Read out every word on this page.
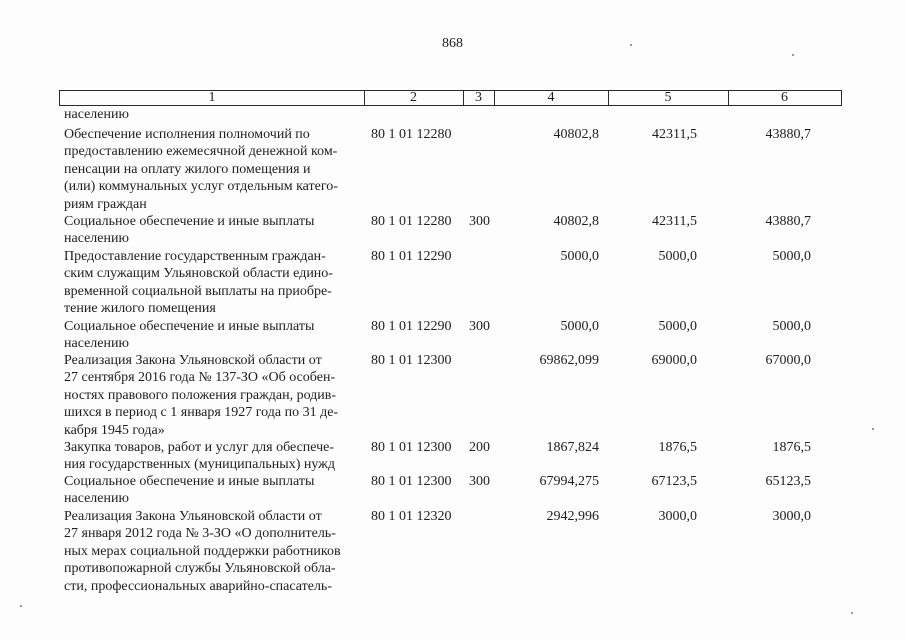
868
1	2	3	4	5	6
населению
Обеспечение исполнения полномочий по
предоставлению ежемесячной денежной ком-
пенсации на оплату жилого помещения и
(или) коммунальных услуг отдельным катего-
риям граждан
80 1 01 12280	40802,8	42311,5	43880,7
Социальное обеспечение и иные выплаты
населению
80 1 01 12280 300	40802,8	42311,5	43880,7
Предоставление государственным граждан-
ским служащим Ульяновской области едино-
временной социальной выплаты на приобре-
тение жилого помещения
80 1 01 12290	5000,0	5000,0	5000,0
Социальное обеспечение и иные выплаты
населению
80 1 01 12290 300	5000,0	5000,0	5000,0
Реализация Закона Ульяновской области от
27 сентября 2016 года № 137-ЗО «Об особен-
ностях правового положения граждан, родив-
шихся в период с 1 января 1927 года по 31 де-
кабря 1945 года»
80 1 01 12300	69862,099	69000,0	67000,0
Закупка товаров, работ и услуг для обеспече-
ния государственных (муниципальных) нужд
80 1 01 12300 200	1867,824	1876,5	1876,5
Социальное обеспечение и иные выплаты
населению
80 1 01 12300 300	67994,275	67123,5	65123,5
Реализация Закона Ульяновской области от
27 января 2012 года № 3-ЗО «О дополнитель-
ных мерах социальной поддержки работников
противопожарной службы Ульяновской обла-
сти, профессиональных аварийно-спасатель-
80 1 01 12320	2942,996	3000,0	3000,0
